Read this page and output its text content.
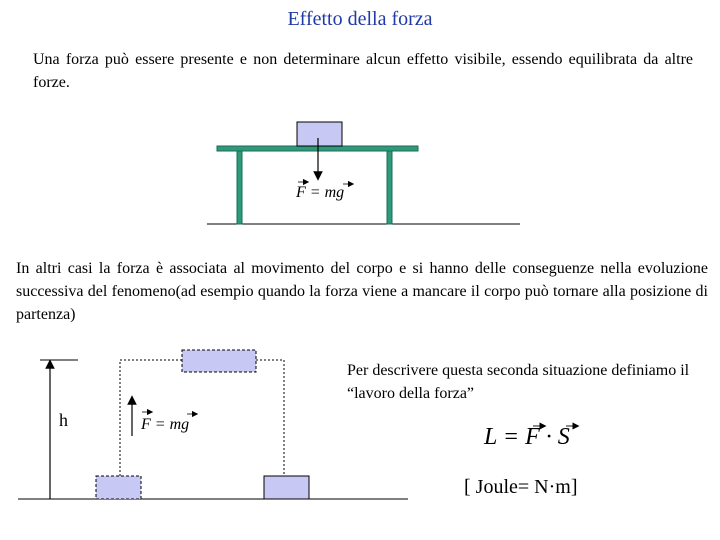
Effetto della forza
Una forza può essere presente e non determinare alcun effetto visibile, essendo equilibrata da altre forze.
F = mg
In altri casi la forza è associata al movimento del corpo e si hanno delle conseguenze nella evoluzione successiva del fenomeno(ad esempio quando la forza viene a mancare il corpo può tornare alla posizione di partenza)
h	F = mg
Per descrivere questa seconda situazione definiamo il “lavoro della forza”
L = F · S
[ Joule= N·m]
